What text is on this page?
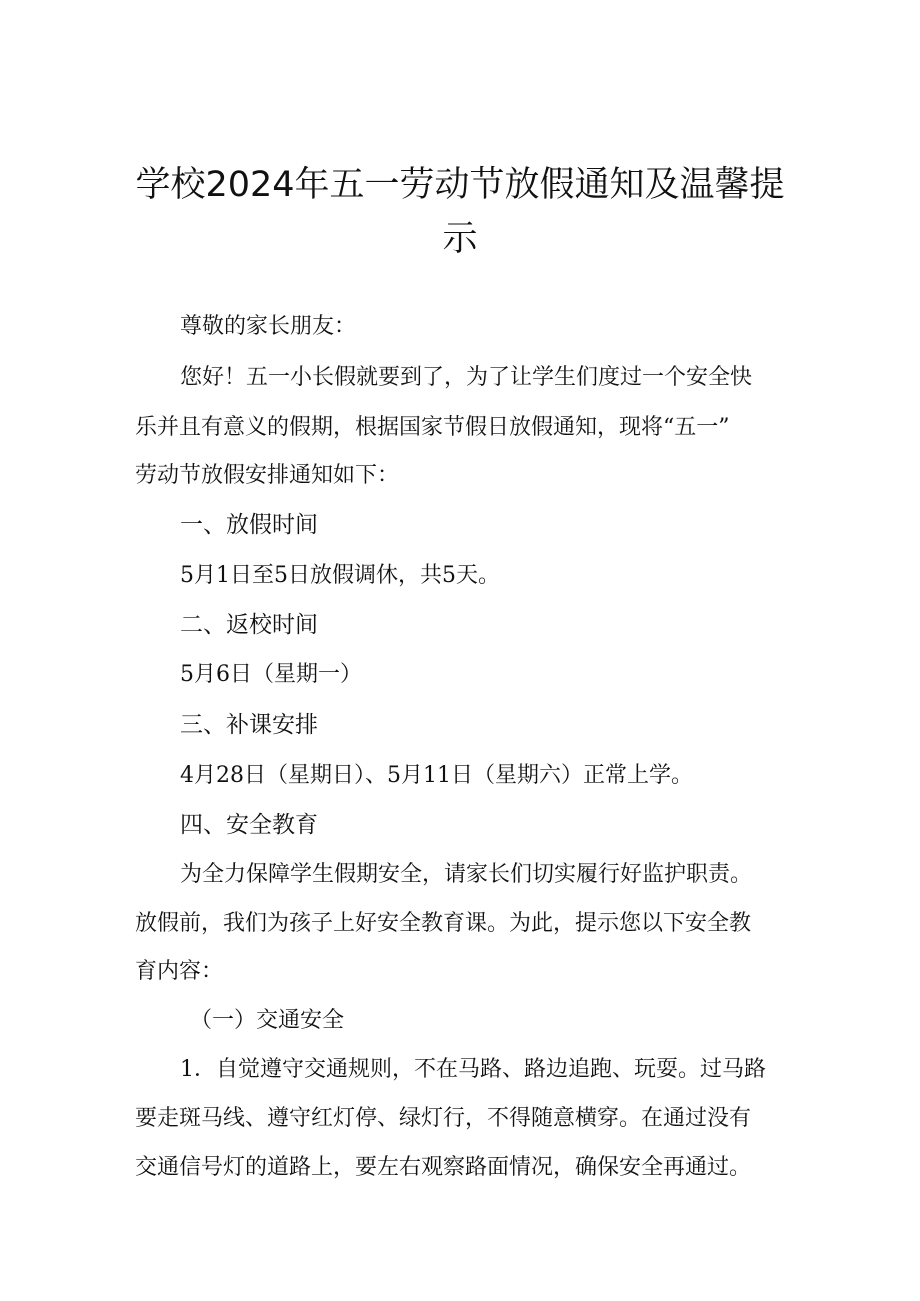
学校2024年五一劳动节放假通知及温馨提
示
尊敬的家长朋友：
您好！五一小长假就要到了，为了让学生们度过一个安全快
乐并且有意义的假期，根据国家节假日放假通知，现将“五一”
劳动节放假安排通知如下：
一、放假时间
5月1日至5日放假调休，共5天。
二、返校时间
5月6日（星期一）
三、补课安排
4月28日（星期日）、5月11日（星期六）正常上学。
四、安全教育
为全力保障学生假期安全，请家长们切实履行好监护职责。
放假前，我们为孩子上好安全教育课。为此，提示您以下安全教
育内容：
（一）交通安全
1．自觉遵守交通规则，不在马路、路边追跑、玩耍。过马路
要走斑马线、遵守红灯停、绿灯行，不得随意横穿。在通过没有
交通信号灯的道路上，要左右观察路面情况，确保安全再通过。
